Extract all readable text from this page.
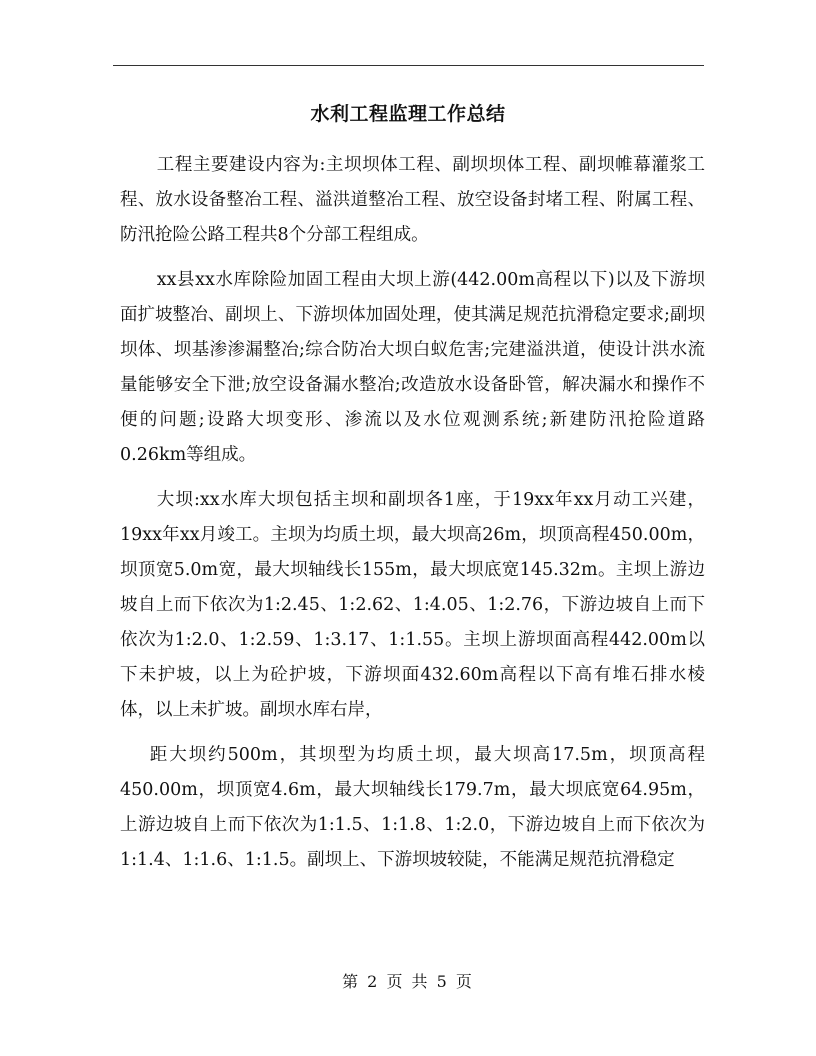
水利工程监理工作总结

工程主要建设内容为:主坝坝体工程、副坝坝体工程、副坝帷幕灌浆工程、放水设备整冶工程、溢洪道整冶工程、放空设备封堵工程、附属工程、防汛抢险公路工程共8个分部工程组成。

xx县xx水库除险加固工程由大坝上游(442.00m高程以下)以及下游坝面扩坡整冶、副坝上、下游坝体加固处理，使其满足规范抗滑稳定要求;副坝坝体、坝基渗渗漏整冶;综合防冶大坝白蚁危害;完建溢洪道，使设计洪水流量能够安全下泄;放空设备漏水整冶;改造放水设备卧管，解决漏水和操作不便的问题;设路大坝变形、渗流以及水位观测系统;新建防汛抢险道路0.26km等组成。

大坝:xx水库大坝包括主坝和副坝各1座，于19xx年xx月动工兴建，19xx年xx月竣工。主坝为均质土坝，最大坝高26m，坝顶高程450.00m，坝顶宽5.0m宽，最大坝轴线长155m，最大坝底宽145.32m。主坝上游边坡自上而下依次为1:2.45、1:2.62、1:4.05、1:2.76，下游边坡自上而下依次为1:2.0、1:2.59、1:3.17、1:1.55。主坝上游坝面高程442.00m以下未护坡，以上为砼护坡，下游坝面432.60m高程以下高有堆石排水棱体，以上未扩坡。副坝水库右岸，

距大坝约500m，其坝型为均质土坝，最大坝高17.5m，坝顶高程450.00m，坝顶宽4.6m，最大坝轴线长179.7m，最大坝底宽64.95m，上游边坡自上而下依次为1:1.5、1:1.8、1:2.0，下游边坡自上而下依次为1:1.4、1:1.6、1:1.5。副坝上、下游坝坡较陡，不能满足规范抗滑稳定

第 2 页 共 5 页
